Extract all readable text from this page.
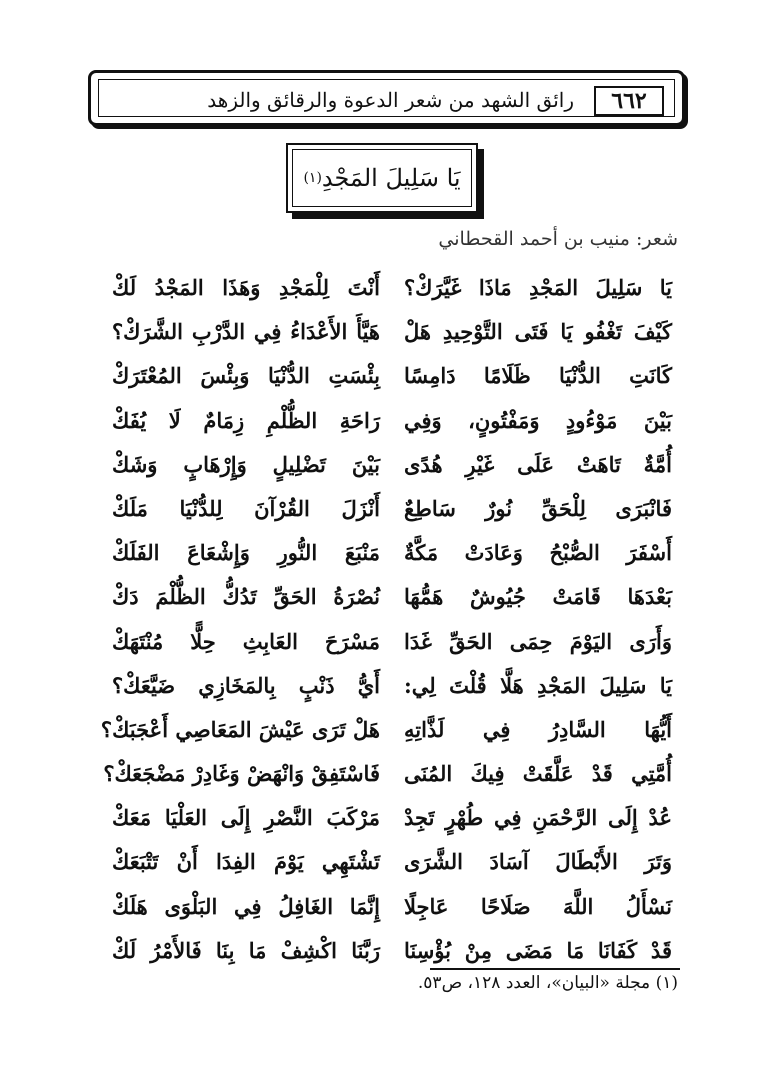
٦٦٢
رائق الشهد من شعر الدعوة والرقائق والزهد
يَا سَلِيلَ المَجْدِ
(١)
شعر: منيب بن أحمد القحطاني
يَا سَلِيلَ المَجْدِ مَاذَا غَيَّرَكْ؟
أَنْتَ لِلْمَجْدِ وَهَذَا المَجْدُ لَكْ
كَيْفَ تَغْفُو يَا فَتَى التَّوْحِيدِ هَلْ
هَيَّأَ الأَعْدَاءُ فِي الدَّرْبِ الشَّرَكْ؟
كَانَتِ الدُّنْيَا ظَلَامًا دَامِسًا
بِئْسَتِ الدُّنْيَا وَبِئْسَ المُعْتَرَكْ
بَيْنَ مَوْءُودٍ وَمَفْتُونٍ، وَفِي
رَاحَةِ الظُّلْمِ زِمَامٌ لَا يُفَكْ
أُمَّةٌ تَاهَتْ عَلَى غَيْرِ هُدًى
بَيْنَ تَضْلِيلٍ وَإِرْهَابٍ وَشَكْ
فَانْبَرَى لِلْحَقِّ نُورٌ سَاطِعٌ
أَنْزَلَ القُرْآنَ لِلدُّنْيَا مَلَكْ
أَسْفَرَ الصُّبْحُ وَعَادَتْ مَكَّةٌ
مَنْبَعَ النُّورِ وَإِشْعَاعَ الفَلَكْ
بَعْدَهَا قَامَتْ جُيُوشٌ هَمُّهَا
نُصْرَةُ الحَقِّ تَدُكُّ الظُّلْمَ دَكْ
وَأَرَى اليَوْمَ حِمَى الحَقِّ غَدَا
مَسْرَحَ العَابِثِ حِلًّا مُنْتَهَكْ
يَا سَلِيلَ المَجْدِ هَلَّا قُلْتَ لِي:
أَيُّ ذَنْبٍ بِالمَخَازِي ضَيَّعَكْ؟
أَيُّهَا السَّادِرُ فِي لَذَّاتِهِ
هَلْ تَرَى عَيْشَ المَعَاصِي أَعْجَبَكْ؟
أُمَّتِي قَدْ عَلَّقَتْ فِيكَ المُنَى
فَاسْتَفِقْ وَانْهَضْ وَغَادِرْ مَضْجَعَكْ؟
عُدْ إِلَى الرَّحْمَنِ فِي طُهْرٍ تَجِدْ
مَرْكَبَ النَّصْرِ إِلَى العَلْيَا مَعَكْ
وَتَرَ الأَبْطَالَ آسَادَ الشَّرَى
تَشْتَهِي يَوْمَ الفِدَا أَنْ تَتْبَعَكْ
نَسْأَلُ اللَّهَ صَلَاحًا عَاجِلًا
إِنَّمَا الغَافِلُ فِي البَلْوَى هَلَكْ
قَدْ كَفَانَا مَا مَضَى مِنْ بُؤْسِنَا
رَبَّنَا اكْشِفْ مَا بِنَا فَالأَمْرُ لَكْ
(١) مجلة «البيان»، العدد ١٢٨، ص٥٣.
